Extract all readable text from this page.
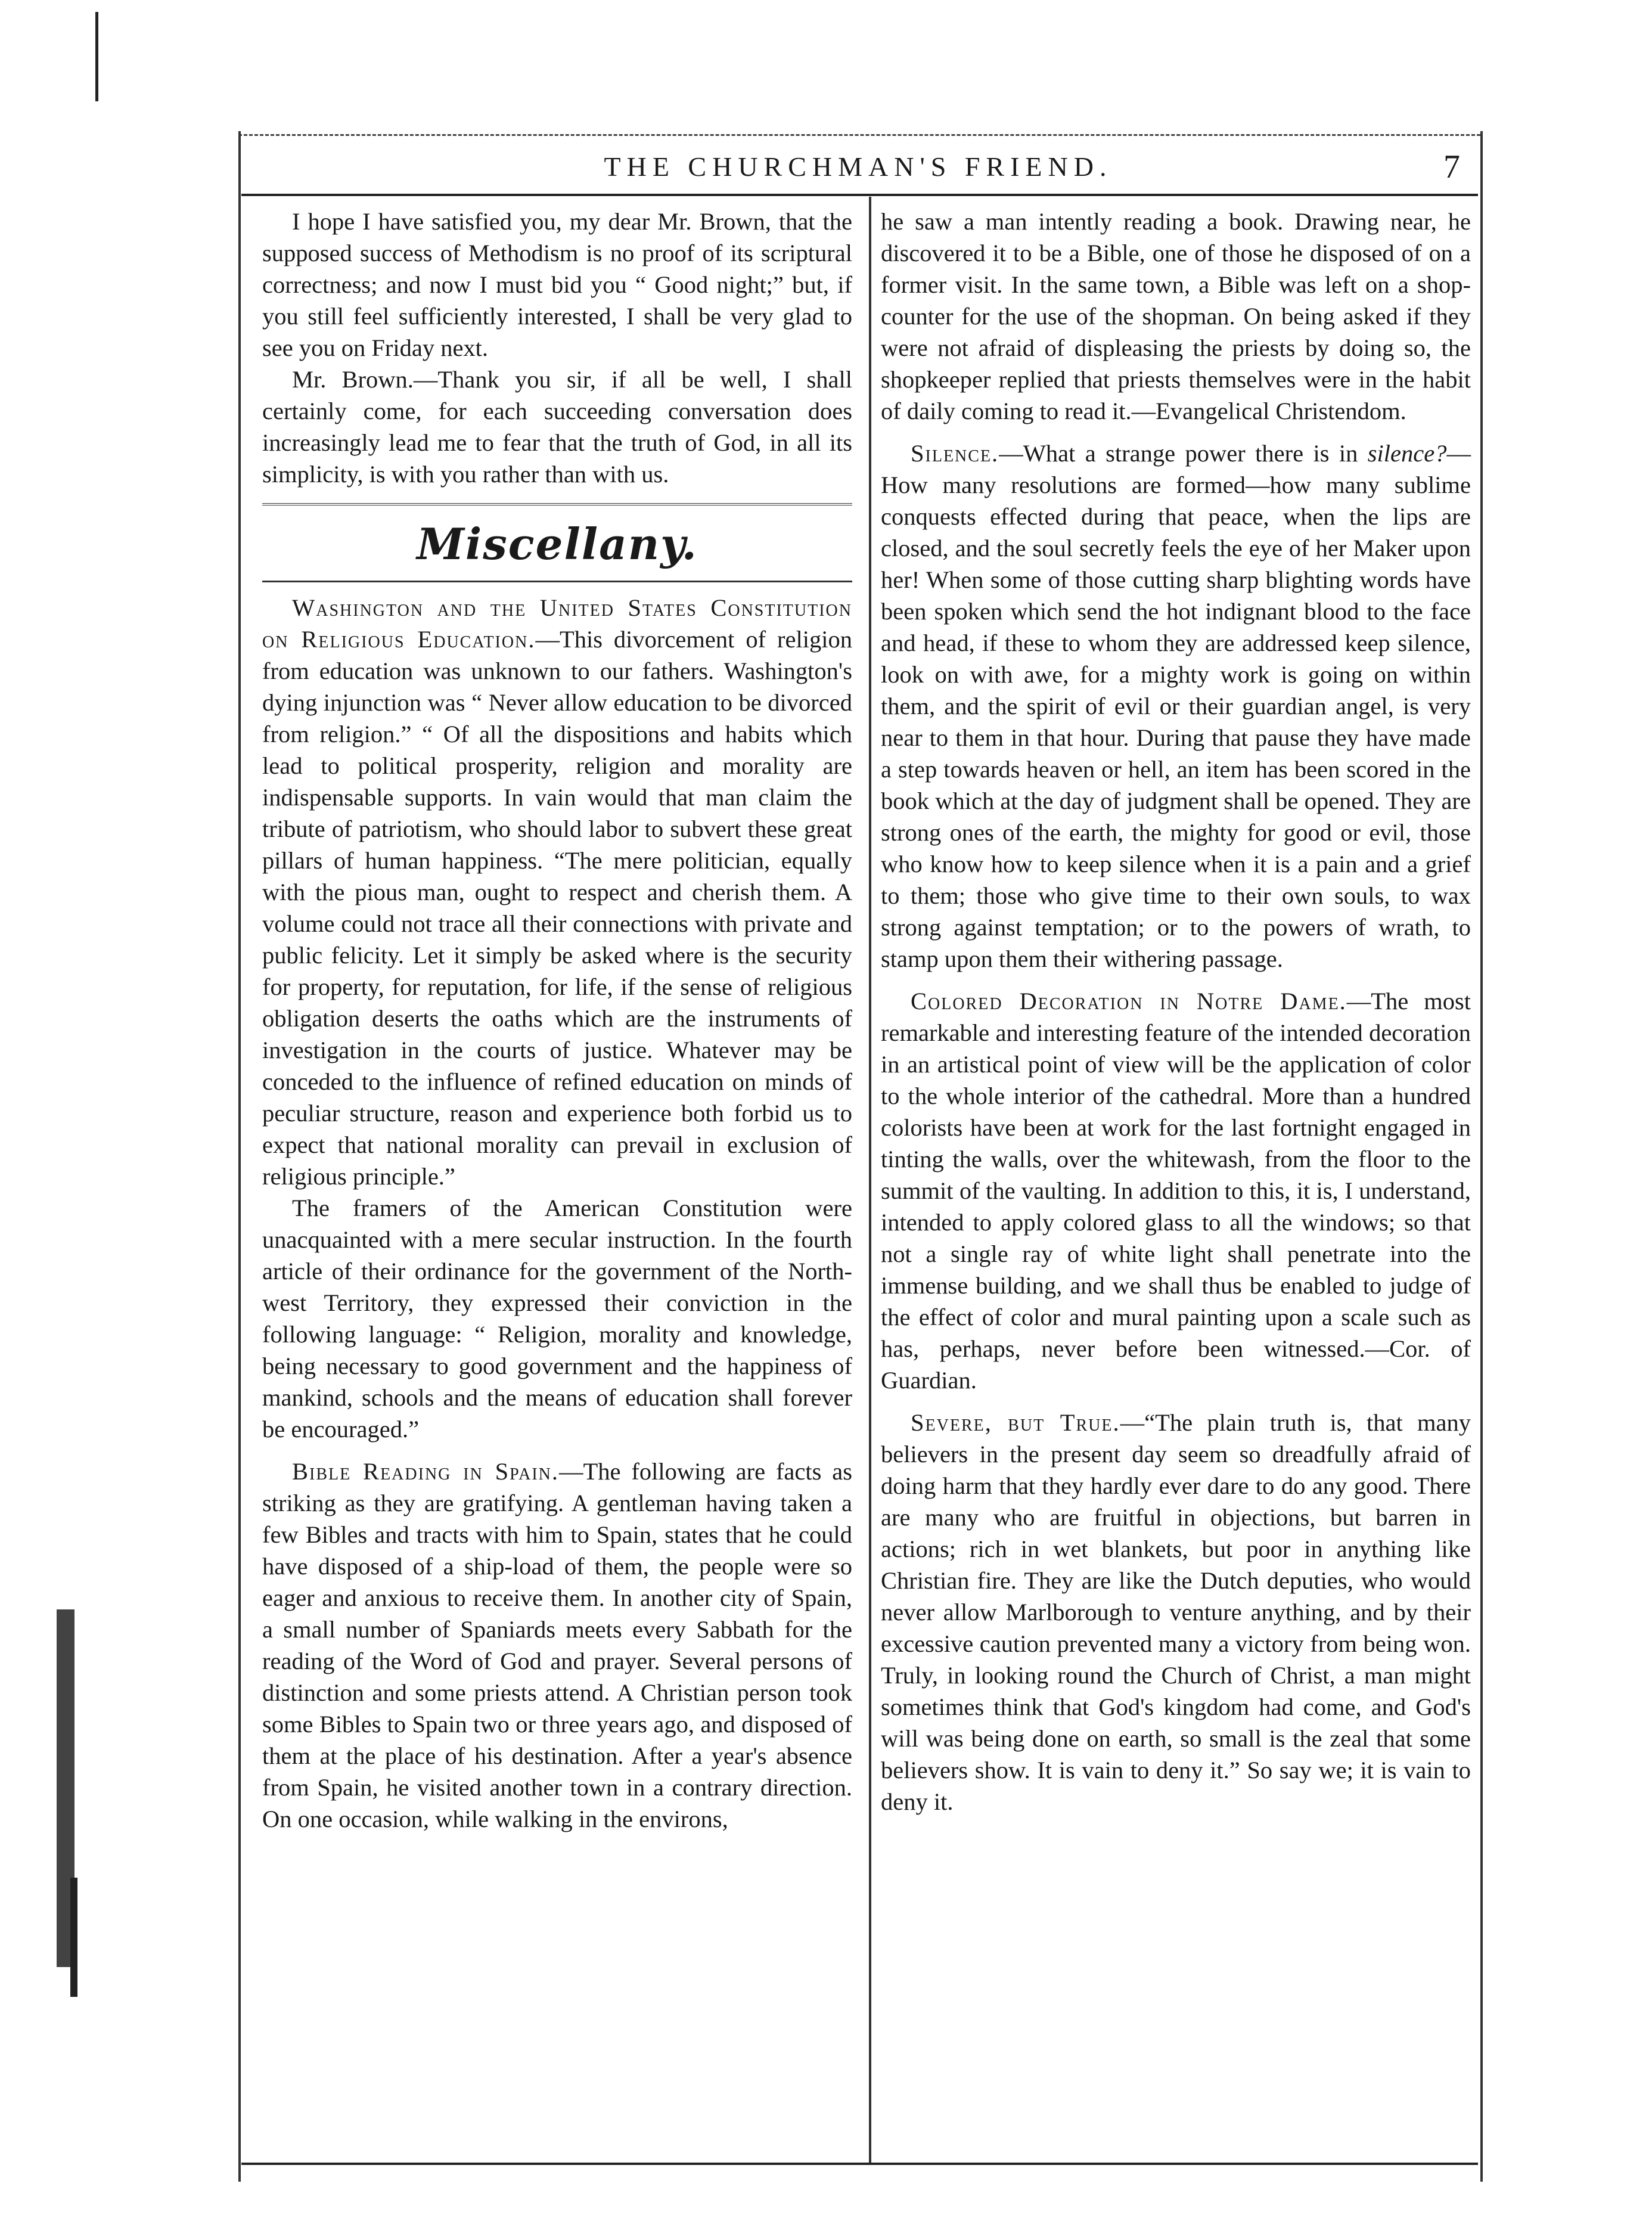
THE CHURCHMAN'S FRIEND.	7

I hope I have satisfied you, my dear Mr. Brown, that the supposed success of Methodism is no proof of its scriptural correctness; and now I must bid you “ Good night;” but, if you still feel sufficiently interested, I shall be very glad to see you on Friday next.

Mr. Brown.—Thank you sir, if all be well, I shall certainly come, for each succeeding conversation does increasingly lead me to fear that the truth of God, in all its simplicity, is with you rather than with us.

Miscellany.

Washington and the United States Constitution on Religious Education.—This divorcement of religion from education was unknown to our fathers. Washington's dying injunction was “ Never allow education to be divorced from religion.” “ Of all the dispositions and habits which lead to political prosperity, religion and morality are indispensable supports. In vain would that man claim the tribute of patriotism, who should labor to subvert these great pillars of human happiness. “The mere politician, equally with the pious man, ought to respect and cherish them. A volume could not trace all their connections with private and public felicity. Let it simply be asked where is the security for property, for reputation, for life, if the sense of religious obligation deserts the oaths which are the instruments of investigation in the courts of justice. Whatever may be conceded to the influence of refined education on minds of peculiar structure, reason and experience both forbid us to expect that national morality can prevail in exclusion of religious principle.”

The framers of the American Constitution were unacquainted with a mere secular instruction. In the fourth article of their ordinance for the government of the North-west Territory, they expressed their conviction in the following language: “ Religion, morality and knowledge, being necessary to good government and the happiness of mankind, schools and the means of education shall forever be encouraged.”

Bible Reading in Spain.—The following are facts as striking as they are gratifying. A gentleman having taken a few Bibles and tracts with him to Spain, states that he could have disposed of a ship-load of them, the people were so eager and anxious to receive them. In another city of Spain, a small number of Spaniards meets every Sabbath for the reading of the Word of God and prayer. Several persons of distinction and some priests attend. A Christian person took some Bibles to Spain two or three years ago, and disposed of them at the place of his destination. After a year's absence from Spain, he visited another town in a contrary direction. On one occasion, while walking in the environs,

he saw a man intently reading a book. Drawing near, he discovered it to be a Bible, one of those he disposed of on a former visit. In the same town, a Bible was left on a shop-counter for the use of the shopman. On being asked if they were not afraid of displeasing the priests by doing so, the shopkeeper replied that priests themselves were in the habit of daily coming to read it.—Evangelical Christendom.

Silence.—What a strange power there is in silence?—How many resolutions are formed—how many sublime conquests effected during that peace, when the lips are closed, and the soul secretly feels the eye of her Maker upon her! When some of those cutting sharp blighting words have been spoken which send the hot indignant blood to the face and head, if these to whom they are addressed keep silence, look on with awe, for a mighty work is going on within them, and the spirit of evil or their guardian angel, is very near to them in that hour. During that pause they have made a step towards heaven or hell, an item has been scored in the book which at the day of judgment shall be opened. They are strong ones of the earth, the mighty for good or evil, those who know how to keep silence when it is a pain and a grief to them; those who give time to their own souls, to wax strong against temptation; or to the powers of wrath, to stamp upon them their withering passage.

Colored Decoration in Notre Dame.—The most remarkable and interesting feature of the intended decoration in an artistical point of view will be the application of color to the whole interior of the cathedral. More than a hundred colorists have been at work for the last fortnight engaged in tinting the walls, over the whitewash, from the floor to the summit of the vaulting. In addition to this, it is, I understand, intended to apply colored glass to all the windows; so that not a single ray of white light shall penetrate into the immense building, and we shall thus be enabled to judge of the effect of color and mural painting upon a scale such as has, perhaps, never before been witnessed.—Cor. of Guardian.

Severe, but True.—“The plain truth is, that many believers in the present day seem so dreadfully afraid of doing harm that they hardly ever dare to do any good. There are many who are fruitful in objections, but barren in actions; rich in wet blankets, but poor in anything like Christian fire. They are like the Dutch deputies, who would never allow Marlborough to venture anything, and by their excessive caution prevented many a victory from being won. Truly, in looking round the Church of Christ, a man might sometimes think that God's kingdom had come, and God's will was being done on earth, so small is the zeal that some believers show. It is vain to deny it.” So say we; it is vain to deny it.
